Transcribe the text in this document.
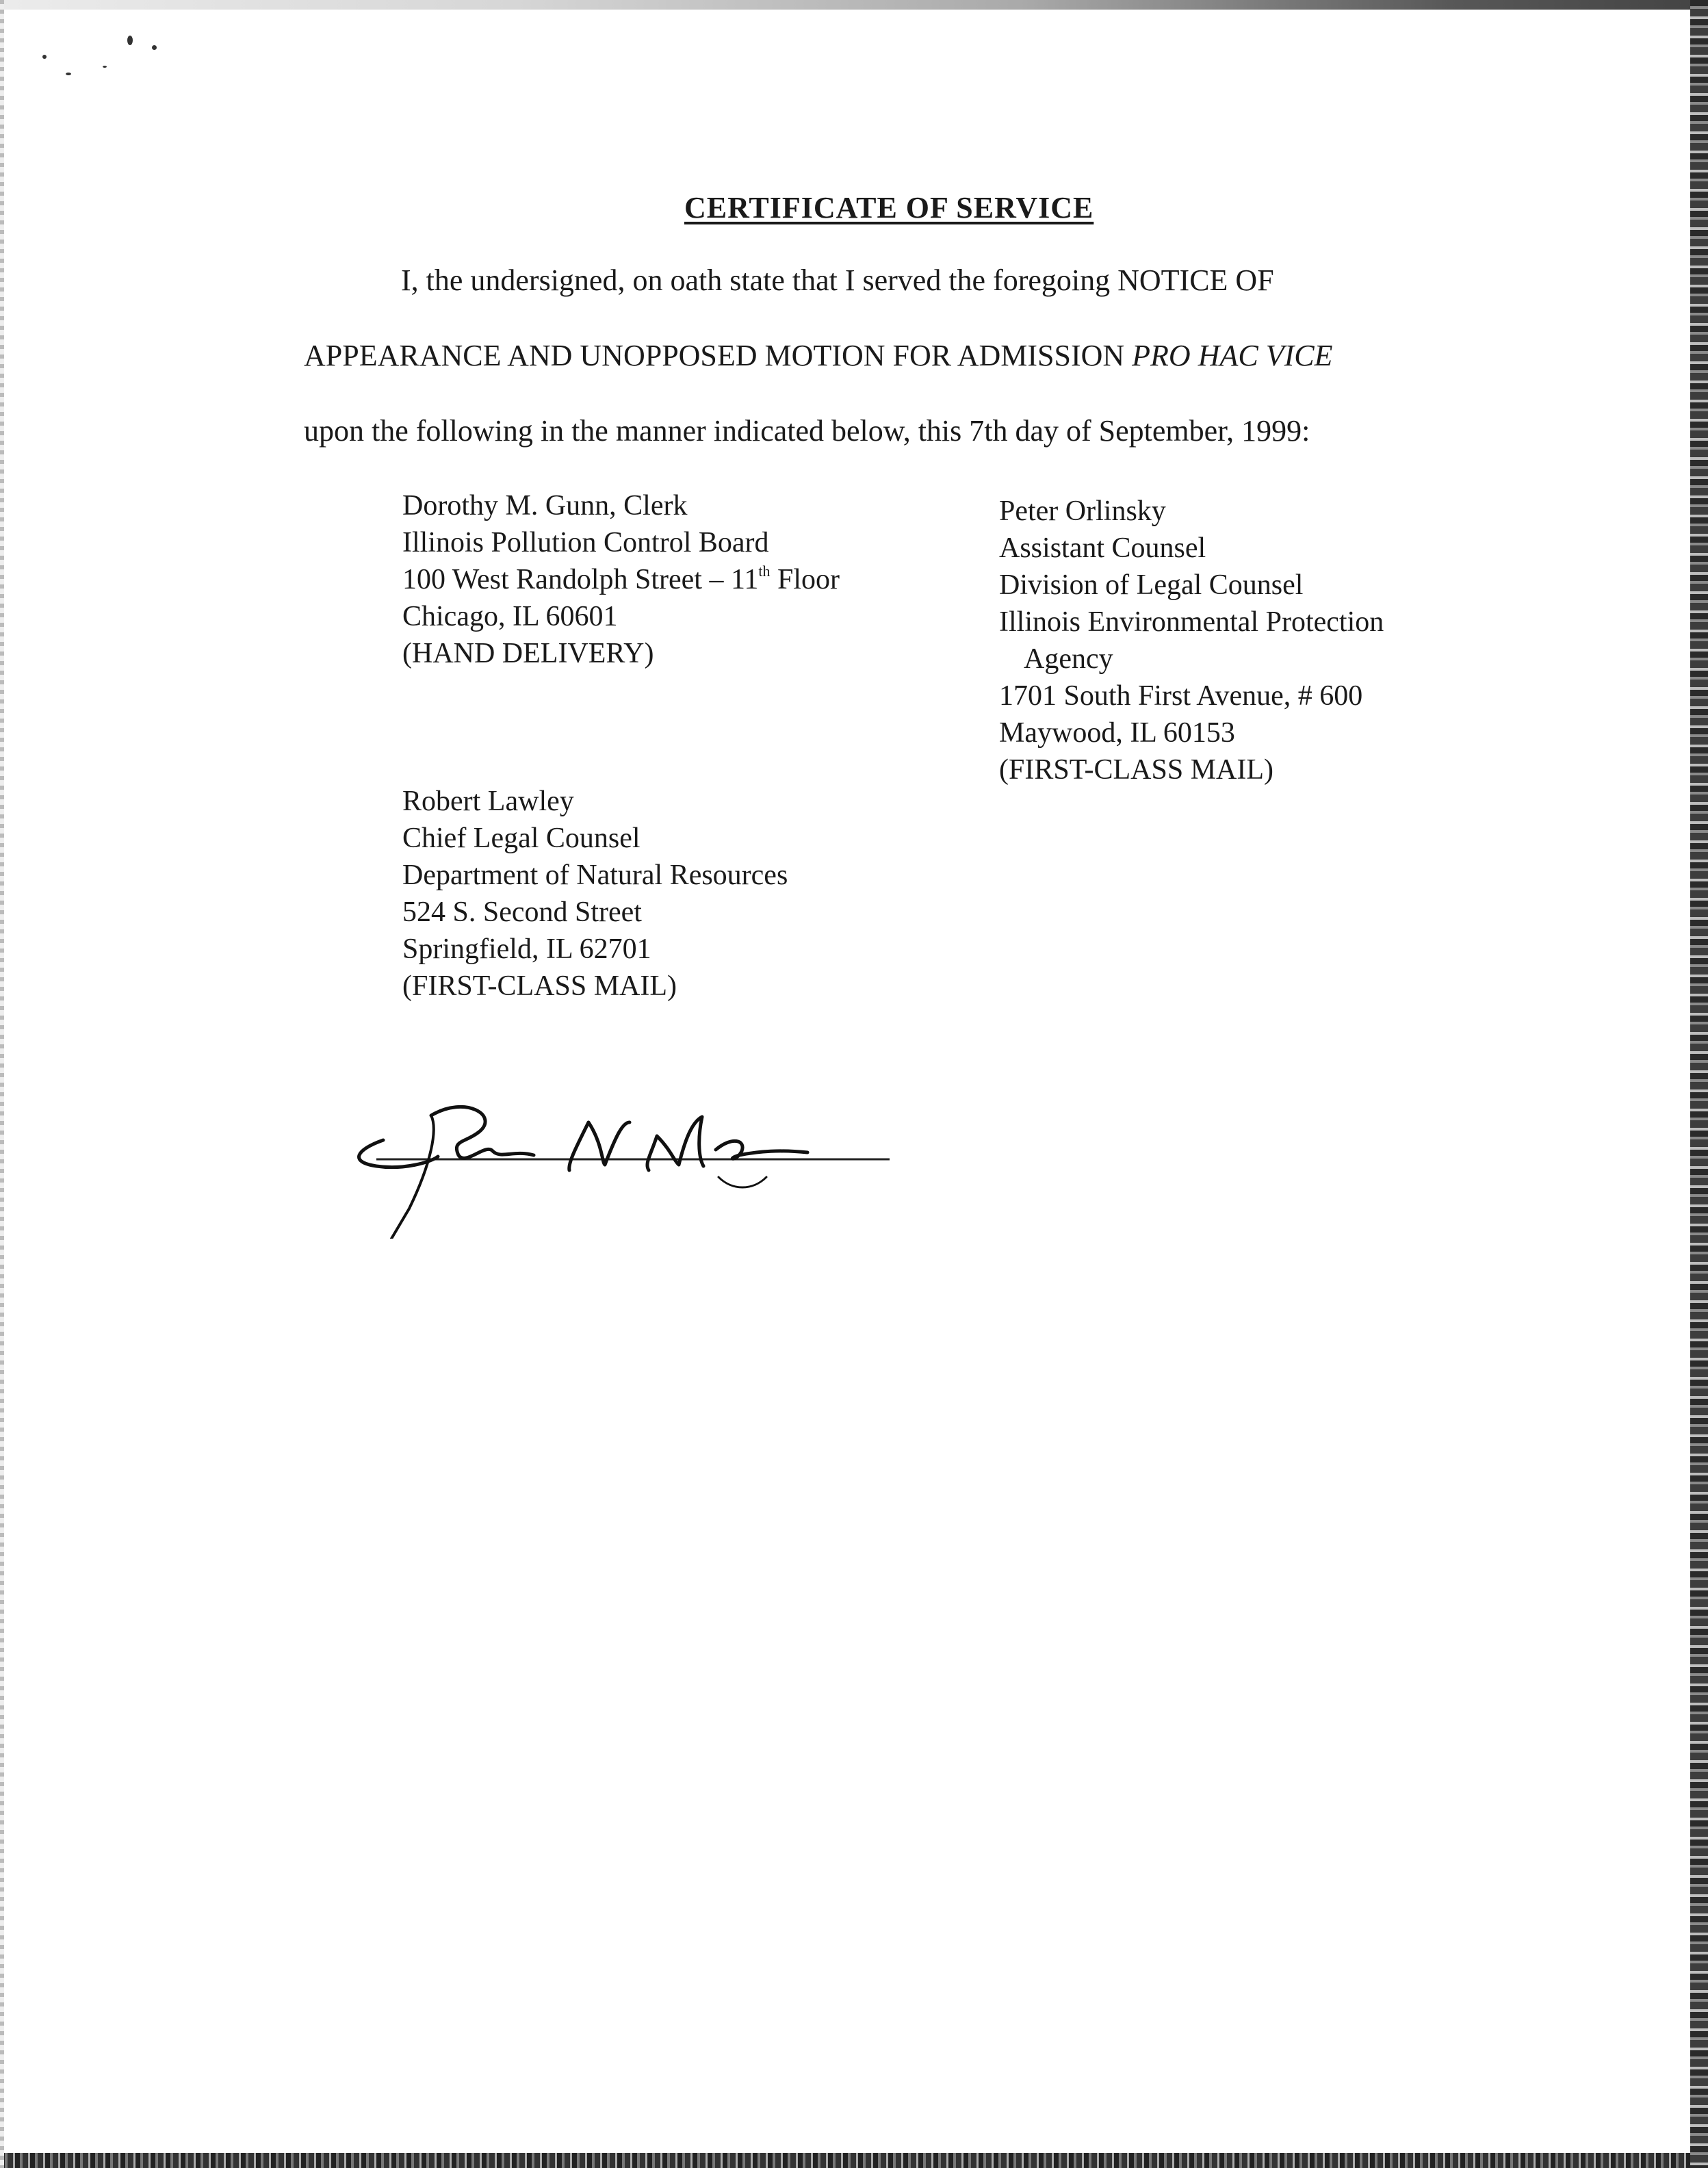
CERTIFICATE OF SERVICE
I, the undersigned, on oath state that I served the foregoing NOTICE OF
APPEARANCE AND UNOPPOSED MOTION FOR ADMISSION PRO HAC VICE
upon the following in the manner indicated below, this 7th day of September, 1999:
Dorothy M. Gunn, Clerk
Illinois Pollution Control Board
100 West Randolph Street – 11th Floor
Chicago, IL 60601
(HAND DELIVERY)
Peter Orlinsky
Assistant Counsel
Division of Legal Counsel
Illinois Environmental Protection
Agency
1701 South First Avenue, # 600
Maywood, IL 60153
(FIRST-CLASS MAIL)
Robert Lawley
Chief Legal Counsel
Department of Natural Resources
524 S. Second Street
Springfield, IL 62701
(FIRST-CLASS MAIL)
